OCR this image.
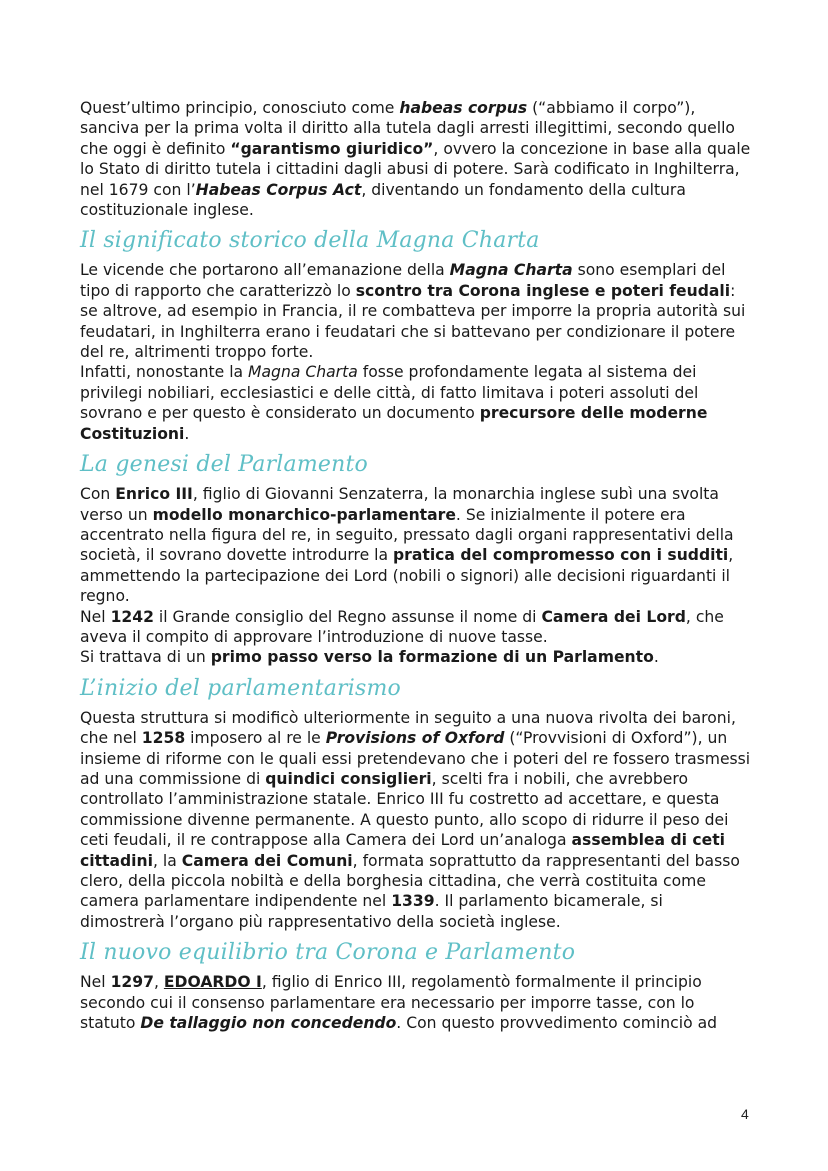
Quest’ultimo principio, conosciuto come habeas corpus (“abbiamo il corpo”), sanciva per la prima volta il diritto alla tutela dagli arresti illegittimi, secondo quello che oggi è definito “garantismo giuridico”, ovvero la concezione in base alla quale lo Stato di diritto tutela i cittadini dagli abusi di potere. Sarà codificato in Inghilterra, nel 1679 con l’Habeas Corpus Act, diventando un fondamento della cultura costituzionale inglese.

Il significato storico della Magna Charta

Le vicende che portarono all’emanazione della Magna Charta sono esemplari del tipo di rapporto che caratterizzò lo scontro tra Corona inglese e poteri feudali: se altrove, ad esempio in Francia, il re combatteva per imporre la propria autorità sui feudatari, in Inghilterra erano i feudatari che si battevano per condizionare il potere del re, altrimenti troppo forte.

Infatti, nonostante la Magna Charta fosse profondamente legata al sistema dei privilegi nobiliari, ecclesiastici e delle città, di fatto limitava i poteri assoluti del sovrano e per questo è considerato un documento precursore delle moderne Costituzioni.

La genesi del Parlamento

Con Enrico III, figlio di Giovanni Senzaterra, la monarchia inglese subì una svolta verso un modello monarchico-parlamentare. Se inizialmente il potere era accentrato nella figura del re, in seguito, pressato dagli organi rappresentativi della società, il sovrano dovette introdurre la pratica del compromesso con i sudditi, ammettendo la partecipazione dei Lord (nobili o signori) alle decisioni riguardanti il regno.

Nel 1242 il Grande consiglio del Regno assunse il nome di Camera dei Lord, che aveva il compito di approvare l’introduzione di nuove tasse.

Si trattava di un primo passo verso la formazione di un Parlamento.

L’inizio del parlamentarismo

Questa struttura si modificò ulteriormente in seguito a una nuova rivolta dei baroni, che nel 1258 imposero al re le Provisions of Oxford (“Provvisioni di Oxford”), un insieme di riforme con le quali essi pretendevano che i poteri del re fossero trasmessi ad una commissione di quindici consiglieri, scelti fra i nobili, che avrebbero controllato l’amministrazione statale. Enrico III fu costretto ad accettare, e questa commissione divenne permanente. A questo punto, allo scopo di ridurre il peso dei ceti feudali, il re contrappose alla Camera dei Lord un’analoga assemblea di ceti cittadini, la Camera dei Comuni, formata soprattutto da rappresentanti del basso clero, della piccola nobiltà e della borghesia cittadina, che verrà costituita come camera parlamentare indipendente nel 1339. Il parlamento bicamerale, si dimostrerà l’organo più rappresentativo della società inglese.

Il nuovo equilibrio tra Corona e Parlamento

Nel 1297, EDOARDO I, figlio di Enrico III, regolamentò formalmente il principio secondo cui il consenso parlamentare era necessario per imporre tasse, con lo statuto De tallaggio non concedendo. Con questo provvedimento cominciò ad

4
